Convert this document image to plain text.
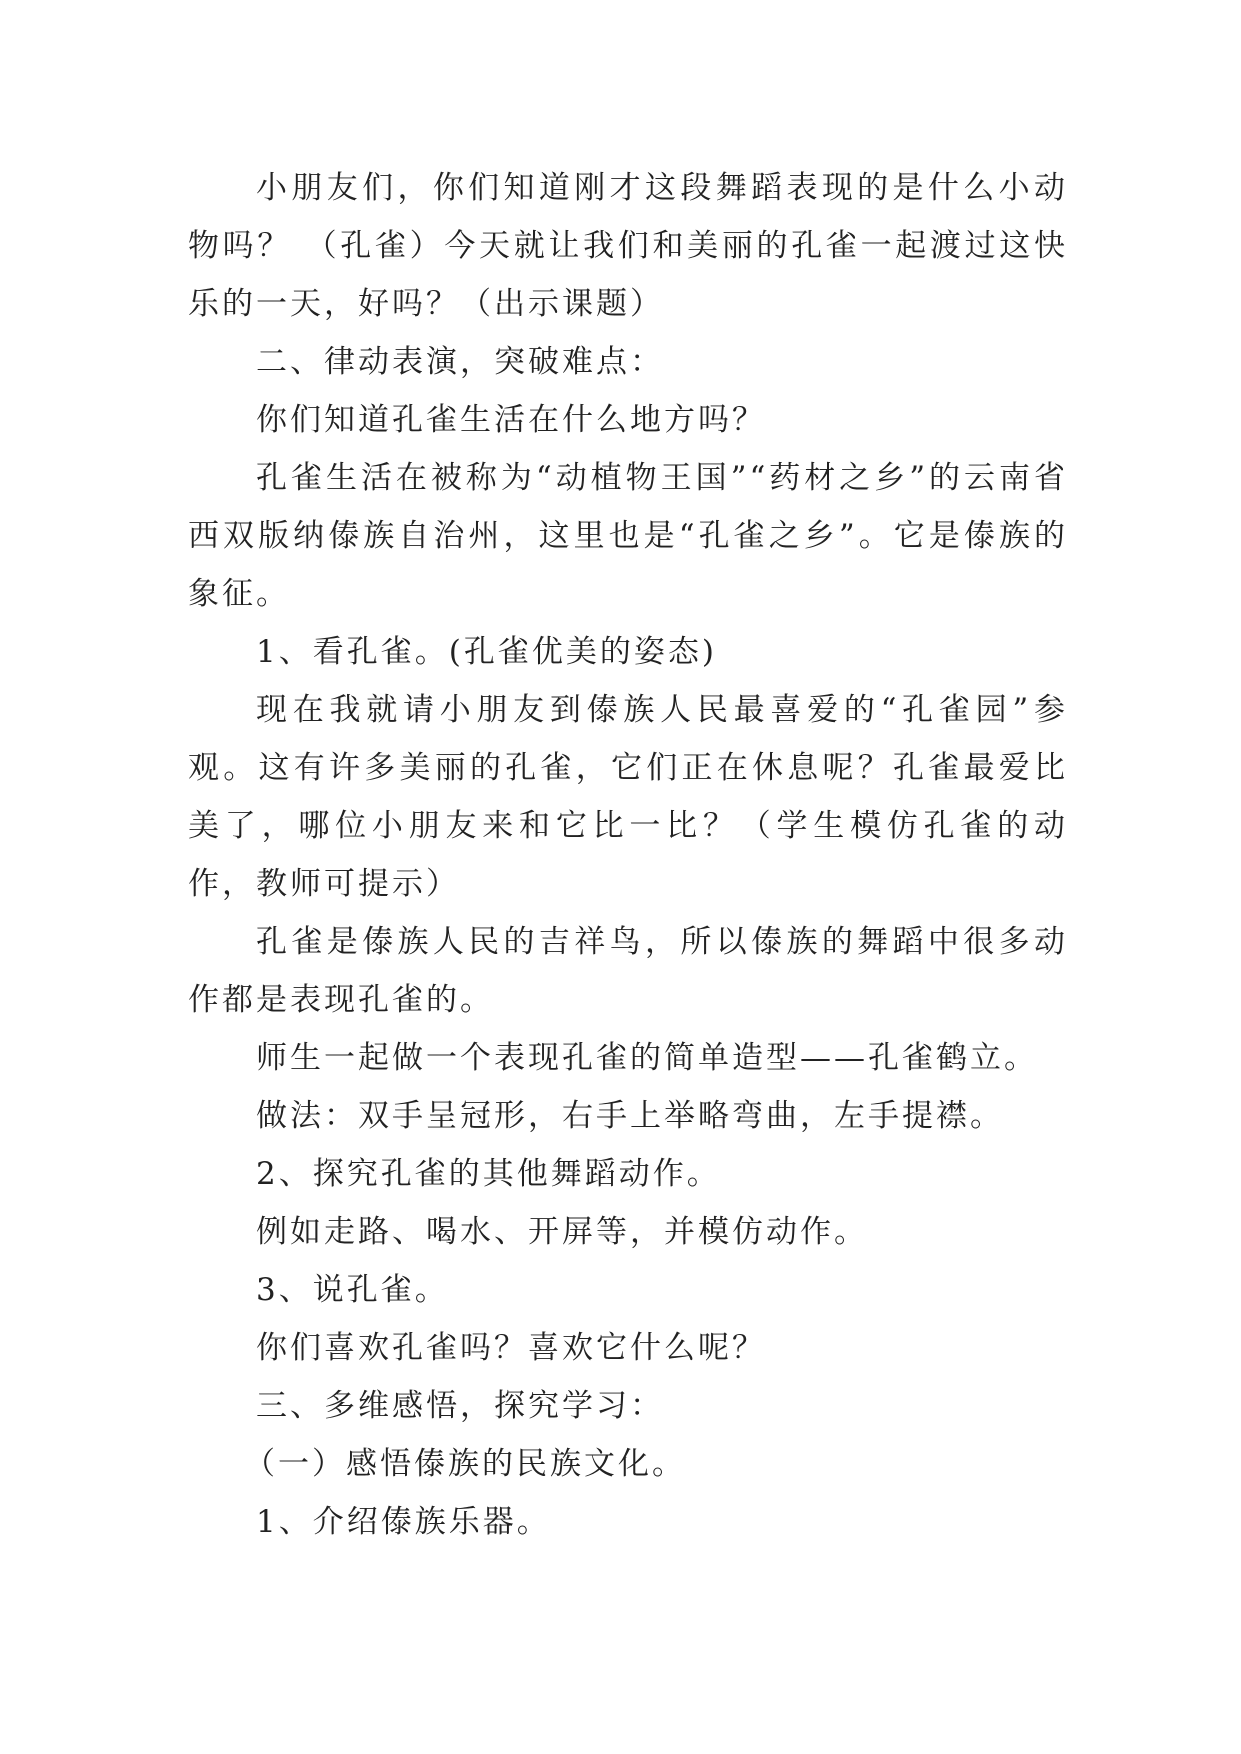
小朋友们，你们知道刚才这段舞蹈表现的是什么小动物吗？ （孔雀）今天就让我们和美丽的孔雀一起渡过这快乐的一天，好吗？（出示课题）

二、律动表演，突破难点：

你们知道孔雀生活在什么地方吗？

孔雀生活在被称为“动植物王国”“药材之乡”的云南省西双版纳傣族自治州，这里也是“孔雀之乡”。它是傣族的象征。

1、看孔雀。(孔雀优美的姿态)

现在我就请小朋友到傣族人民最喜爱的“孔雀园”参观。这有许多美丽的孔雀，它们正在休息呢？孔雀最爱比美了，哪位小朋友来和它比一比？（学生模仿孔雀的动作，教师可提示）

孔雀是傣族人民的吉祥鸟，所以傣族的舞蹈中很多动作都是表现孔雀的。

师生一起做一个表现孔雀的简单造型——孔雀鹤立。

做法：双手呈冠形，右手上举略弯曲，左手提襟。

2、探究孔雀的其他舞蹈动作。

例如走路、喝水、开屏等，并模仿动作。

3、说孔雀。

你们喜欢孔雀吗？喜欢它什么呢？

三、多维感悟，探究学习：

（一）感悟傣族的民族文化。

1、介绍傣族乐器。
